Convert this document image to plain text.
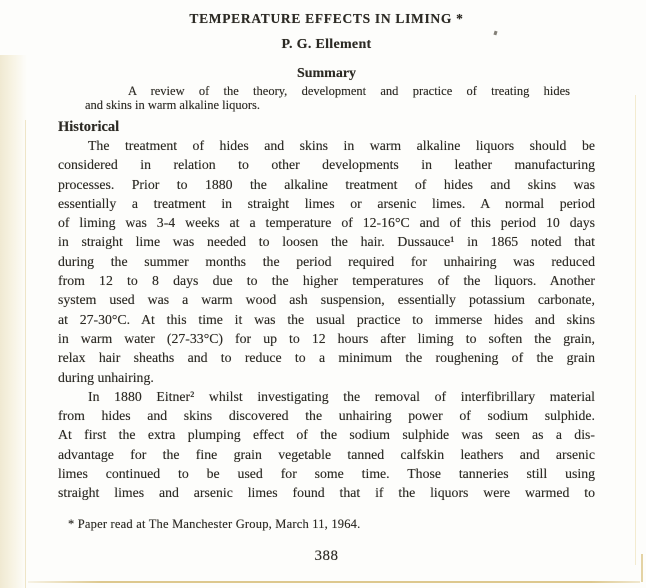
TEMPERATURE EFFECTS IN LIMING *
P. G. Ellement
Summary
A review of the theory, development and practice of treating hides
and skins in warm alkaline liquors.
Historical
The treatment of hides and skins in warm alkaline liquors should be
considered in relation to other developments in leather manufacturing
processes. Prior to 1880 the alkaline treatment of hides and skins was
essentially a treatment in straight limes or arsenic limes. A normal period
of liming was 3-4 weeks at a temperature of 12-16°C and of this period 10 days
in straight lime was needed to loosen the hair. Dussauce¹ in 1865 noted that
during the summer months the period required for unhairing was reduced
from 12 to 8 days due to the higher temperatures of the liquors. Another
system used was a warm wood ash suspension, essentially potassium carbonate,
at 27-30°C. At this time it was the usual practice to immerse hides and skins
in warm water (27-33°C) for up to 12 hours after liming to soften the grain,
relax hair sheaths and to reduce to a minimum the roughening of the grain
during unhairing.
In 1880 Eitner² whilst investigating the removal of interfibrillary material
from hides and skins discovered the unhairing power of sodium sulphide.
At first the extra plumping effect of the sodium sulphide was seen as a dis-
advantage for the fine grain vegetable tanned calfskin leathers and arsenic
limes continued to be used for some time. Those tanneries still using
straight limes and arsenic limes found that if the liquors were warmed to
* Paper read at The Manchester Group, March 11, 1964.
388
